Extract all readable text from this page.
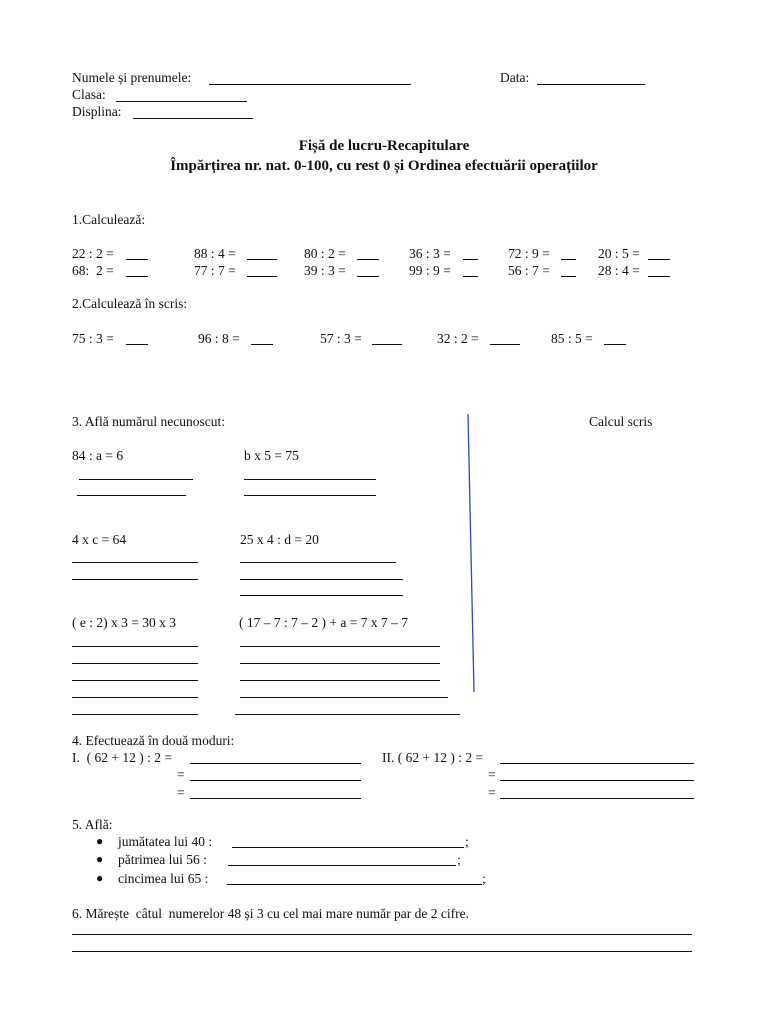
Numele și prenumele:	Data:
Clasa:
Displina:
Fișă de lucru-Recapitulare
Împărțirea nr. nat. 0-100, cu rest 0 și Ordinea efectuării operațiilor
1.Calculează:
22 : 2 =	88 : 4 =	80 : 2 =	36 : 3 =	72 : 9 =	20 : 5 =
68:  2 =	77 : 7 =	39 : 3 =	99 : 9 =	56 : 7 =	28 : 4 =
2.Calculează în scris:
75 : 3 =	96 : 8 =	57 : 3 =	32 : 2 =	85 : 5 =
3. Află numărul necunoscut:	Calcul scris
84 : a = 6	b x 5 = 75
4 x c = 64	25 x 4 : d = 20
( e : 2) x 3 = 30 x 3	( 17 – 7 : 7 – 2 ) + a = 7 x 7 – 7
4. Efectuează în două moduri:
I.  ( 62 + 12 ) : 2 =
=
=
II. ( 62 + 12 ) : 2 =
=
=
5. Află:
● jumătatea lui 40 :	;
● pătrimea lui 56 :	;
● cincimea lui 65 :	;
6. Mărește  câtul  numerelor 48 și 3 cu cel mai mare număr par de 2 cifre.
